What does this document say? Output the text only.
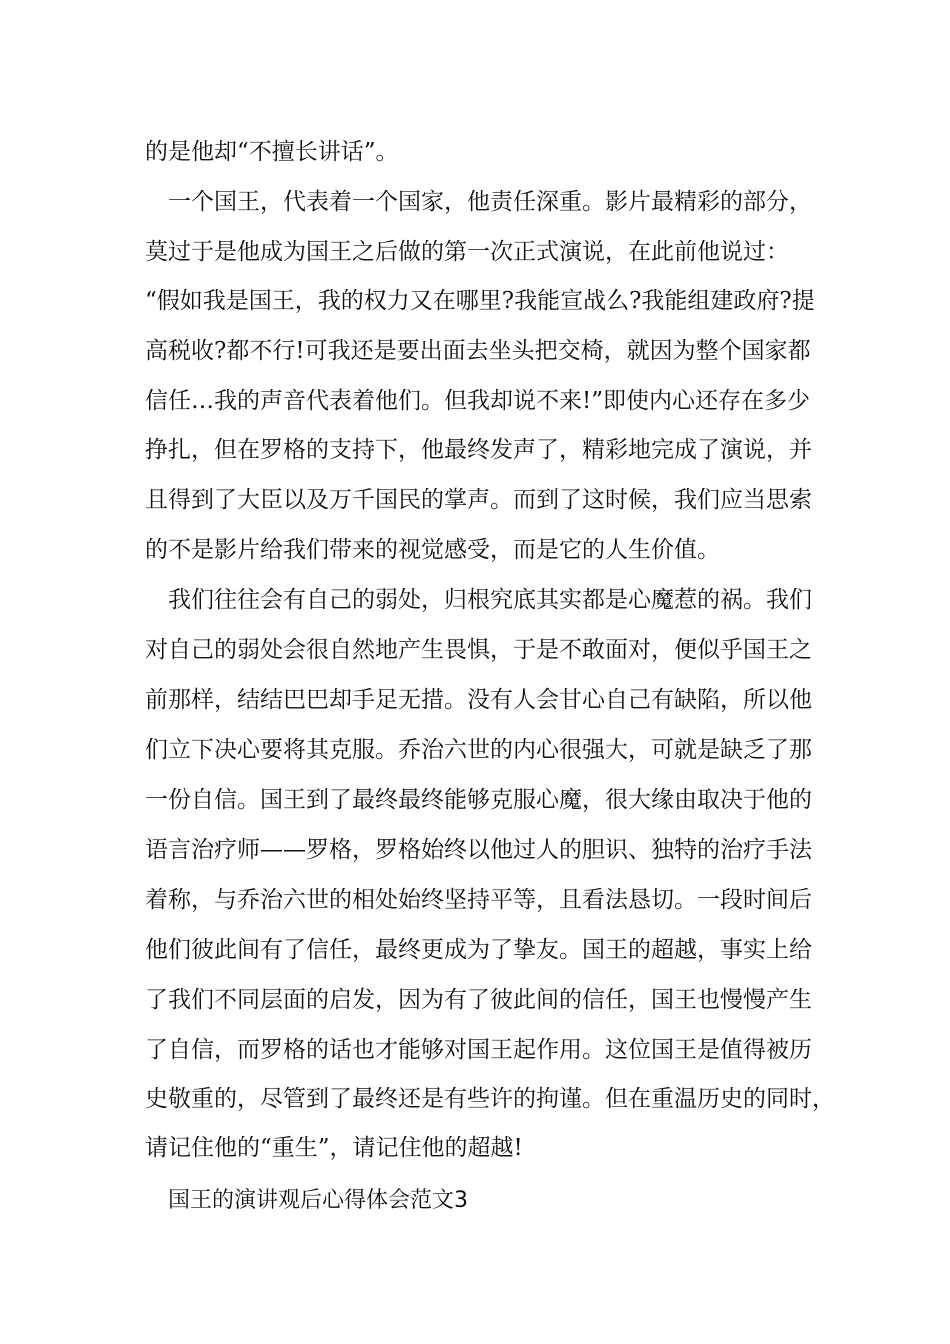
的是他却“不擅长讲话”。
一个国王，代表着一个国家，他责任深重。影片最精彩的部分，
莫过于是他成为国王之后做的第一次正式演说，在此前他说过：
“假如我是国王，我的权力又在哪里?我能宣战么?我能组建政府?提
高税收?都不行!可我还是要出面去坐头把交椅，就因为整个国家都
信任…我的声音代表着他们。但我却说不来!”即使内心还存在多少
挣扎，但在罗格的支持下，他最终发声了，精彩地完成了演说，并
且得到了大臣以及万千国民的掌声。而到了这时候，我们应当思索
的不是影片给我们带来的视觉感受，而是它的人生价值。
我们往往会有自己的弱处，归根究底其实都是心魔惹的祸。我们
对自己的弱处会很自然地产生畏惧，于是不敢面对，便似乎国王之
前那样，结结巴巴却手足无措。没有人会甘心自己有缺陷，所以他
们立下决心要将其克服。乔治六世的内心很强大，可就是缺乏了那
一份自信。国王到了最终最终能够克服心魔，很大缘由取决于他的
语言治疗师——罗格，罗格始终以他过人的胆识、独特的治疗手法
着称，与乔治六世的相处始终坚持平等，且看法恳切。一段时间后
他们彼此间有了信任，最终更成为了挚友。国王的超越，事实上给
了我们不同层面的启发，因为有了彼此间的信任，国王也慢慢产生
了自信，而罗格的话也才能够对国王起作用。这位国王是值得被历
史敬重的，尽管到了最终还是有些许的拘谨。但在重温历史的同时，
请记住他的“重生”，请记住他的超越!
国王的演讲观后心得体会范文3
